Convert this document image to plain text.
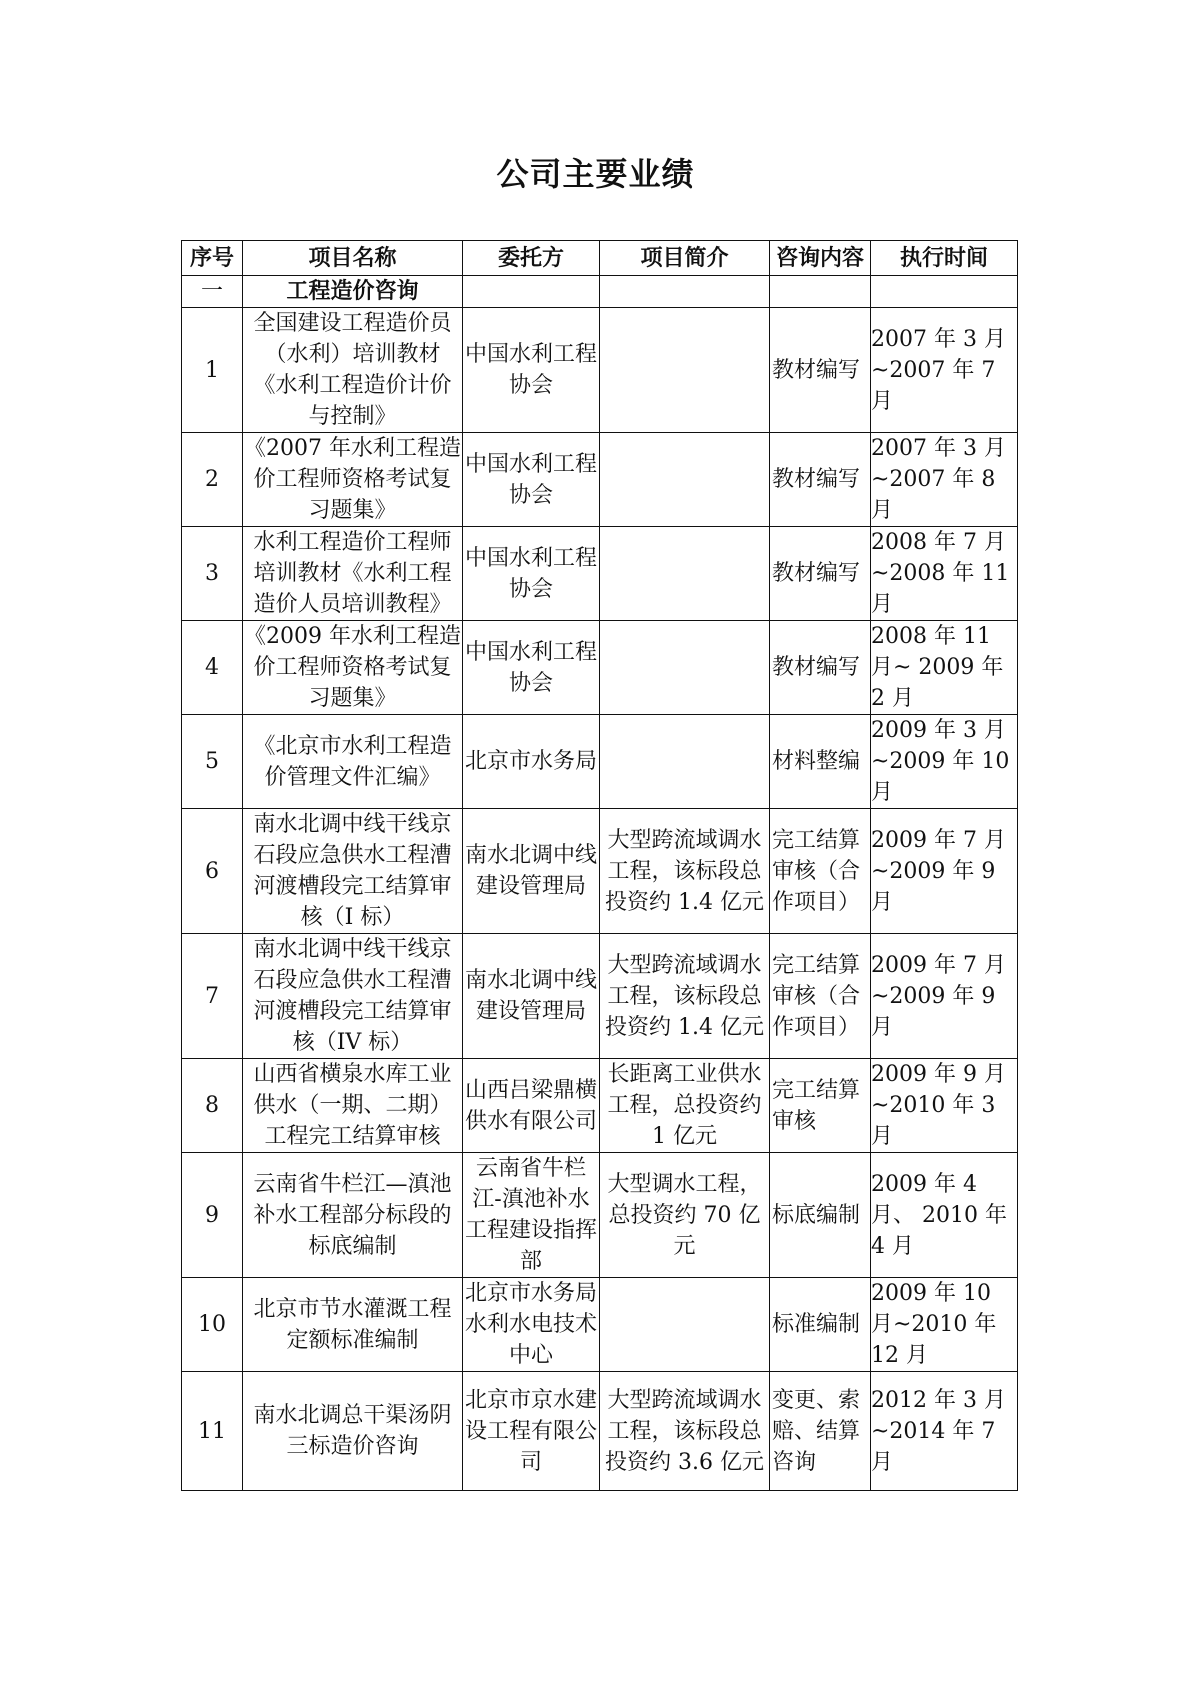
公司主要业绩
序号	项目名称	委托方	项目简介	咨询内容	执行时间
一	工程造价咨询				
1	全国建设工程造价员（水利）培训教材《水利工程造价计价与控制》	中国水利工程协会		教材编写	2007 年 3 月~2007 年 7 月
2	《2007 年水利工程造价工程师资格考试复习题集》	中国水利工程协会		教材编写	2007 年 3 月~2007 年 8 月
3	水利工程造价工程师培训教材《水利工程造价人员培训教程》	中国水利工程协会		教材编写	2008 年 7 月~2008 年 11 月
4	《2009 年水利工程造价工程师资格考试复习题集》	中国水利工程协会		教材编写	2008 年 11 月~ 2009 年 2 月
5	《北京市水利工程造价管理文件汇编》	北京市水务局		材料整编	2009 年 3 月~2009 年 10 月
6	南水北调中线干线京石段应急供水工程漕河渡槽段完工结算审核（I 标）	南水北调中线建设管理局	大型跨流域调水工程，该标段总投资约 1.4 亿元	完工结算审核（合作项目）	2009 年 7 月~2009 年 9 月
7	南水北调中线干线京石段应急供水工程漕河渡槽段完工结算审核（IV 标）	南水北调中线建设管理局	大型跨流域调水工程，该标段总投资约 1.4 亿元	完工结算审核（合作项目）	2009 年 7 月~2009 年 9 月
8	山西省横泉水库工业供水（一期、二期）工程完工结算审核	山西吕梁鼎横供水有限公司	长距离工业供水工程，总投资约 1 亿元	完工结算审核	2009 年 9 月~2010 年 3 月
9	云南省牛栏江—滇池补水工程部分标段的标底编制	云南省牛栏江-滇池补水工程建设指挥部	大型调水工程，总投资约 70 亿元	标底编制	2009 年 4 月、 2010 年 4 月
10	北京市节水灌溉工程定额标准编制	北京市水务局水利水电技术中心		标准编制	2009 年 10 月~2010 年 12 月
11	南水北调总干渠汤阴三标造价咨询	北京市京水建设工程有限公司	大型跨流域调水工程，该标段总投资约 3.6 亿元	变更、索赔、结算咨询	2012 年 3 月~2014 年 7 月
